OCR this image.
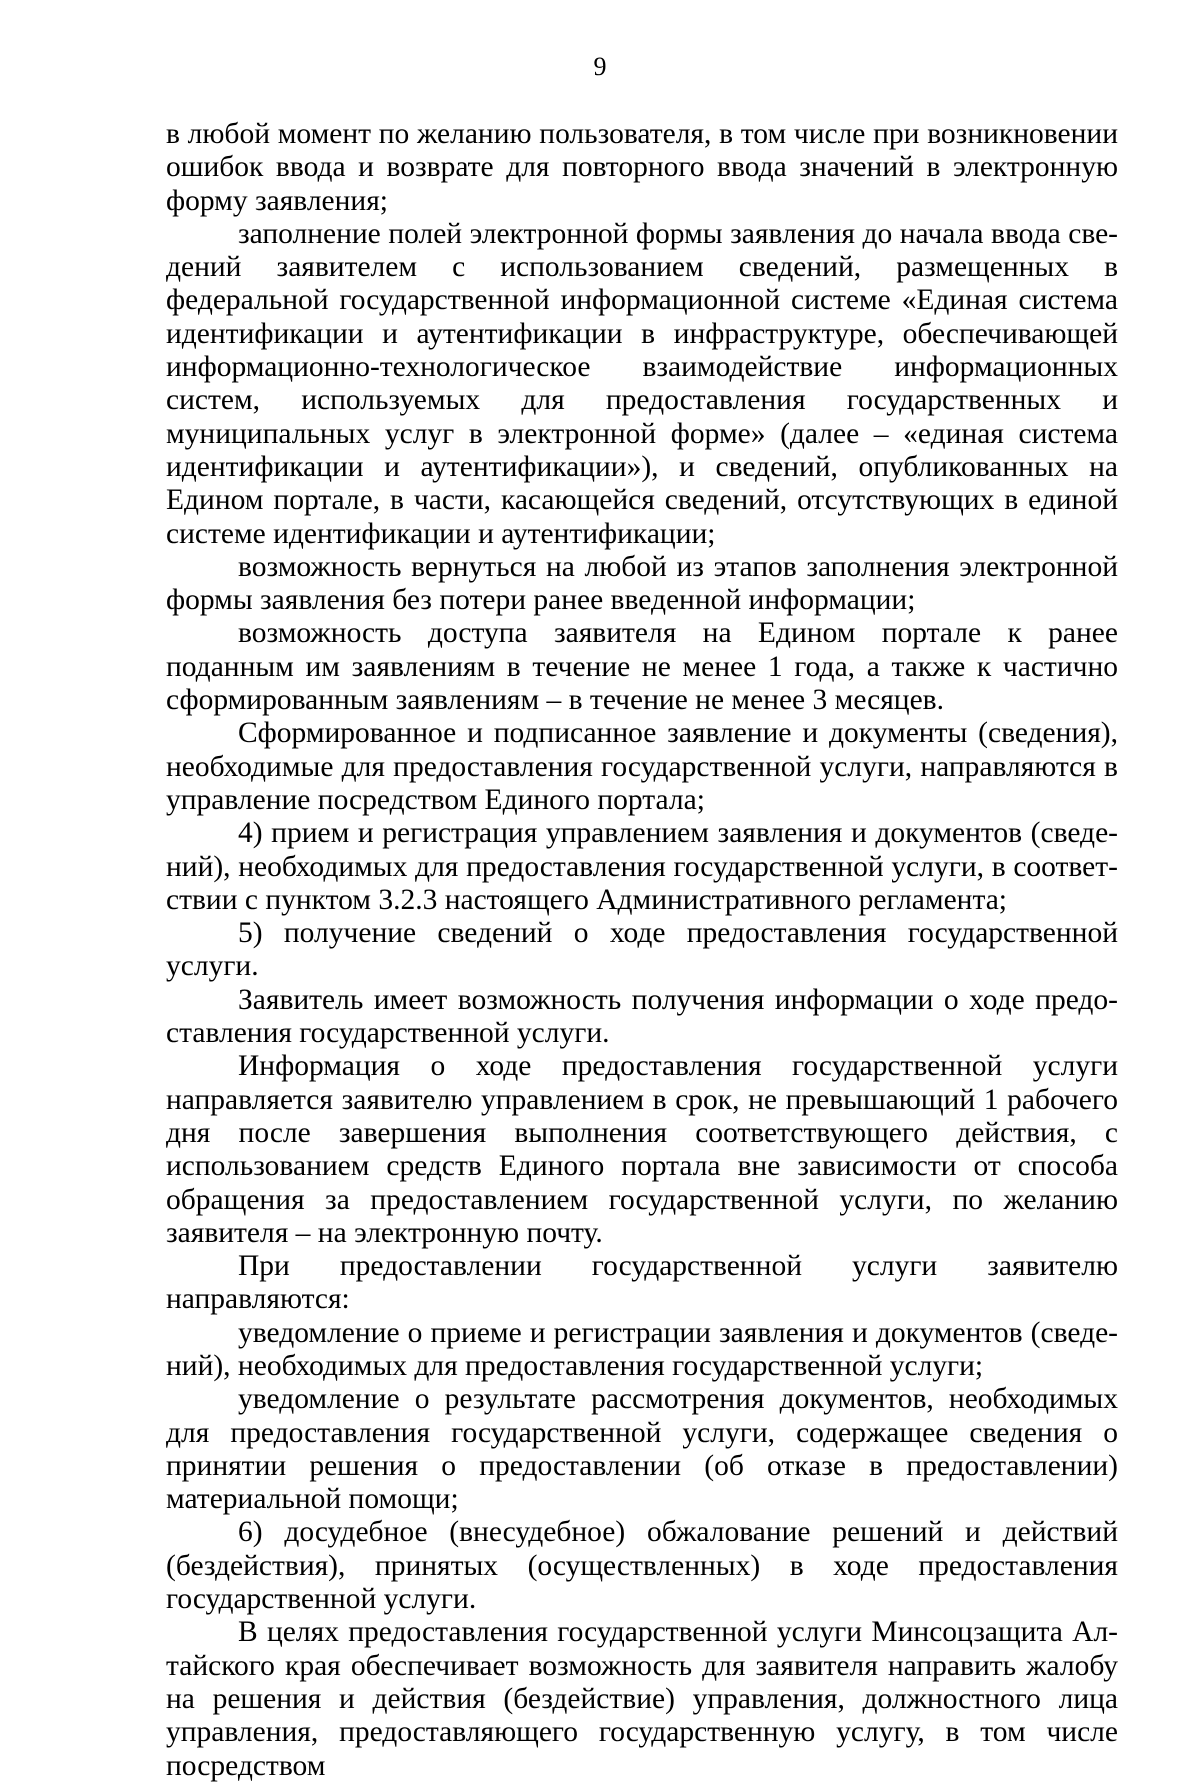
9

в любой момент по желанию пользователя, в том числе при возникновении ошибок ввода и возврате для повторного ввода значений в электронную форму заявления;

заполнение полей электронной формы заявления до начала ввода сведений заявителем с использованием сведений, размещенных в федеральной государственной информационной системе «Единая система идентификации и аутентификации в инфраструктуре, обеспечивающей информационно-технологическое взаимодействие информационных систем, используемых для предоставления государственных и муниципальных услуг в электронной форме» (далее – «единая система идентификации и аутентификации»), и сведений, опубликованных на Едином портале, в части, касающейся сведений, отсутствующих в единой системе идентификации и аутентификации;

возможность вернуться на любой из этапов заполнения электронной формы заявления без потери ранее введенной информации;

возможность доступа заявителя на Едином портале к ранее поданным им заявлениям в течение не менее 1 года, а также к частично сформированным заявлениям – в течение не менее 3 месяцев.

Сформированное и подписанное заявление и документы (сведения), необходимые для предоставления государственной услуги, направляются в управление посредством Единого портала;

4) прием и регистрация управлением заявления и документов (сведений), необходимых для предоставления государственной услуги, в соответствии с пунктом 3.2.3 настоящего Административного регламента;

5) получение сведений о ходе предоставления государственной услуги.

Заявитель имеет возможность получения информации о ходе предоставления государственной услуги.

Информация о ходе предоставления государственной услуги направляется заявителю управлением в срок, не превышающий 1 рабочего дня после завершения выполнения соответствующего действия, с использованием средств Единого портала вне зависимости от способа обращения за предоставлением государственной услуги, по желанию заявителя – на электронную почту.

При предоставлении государственной услуги заявителю направляются:

уведомление о приеме и регистрации заявления и документов (сведений), необходимых для предоставления государственной услуги;

уведомление о результате рассмотрения документов, необходимых для предоставления государственной услуги, содержащее сведения о принятии решения о предоставлении (об отказе в предоставлении) материальной помощи;

6) досудебное (внесудебное) обжалование решений и действий (бездействия), принятых (осуществленных) в ходе предоставления государственной услуги.

В целях предоставления государственной услуги Минсоцзащита Алтайского края обеспечивает возможность для заявителя направить жалобу на решения и действия (бездействие) управления, должностного лица управления, предоставляющего государственную услугу, в том числе посредством
